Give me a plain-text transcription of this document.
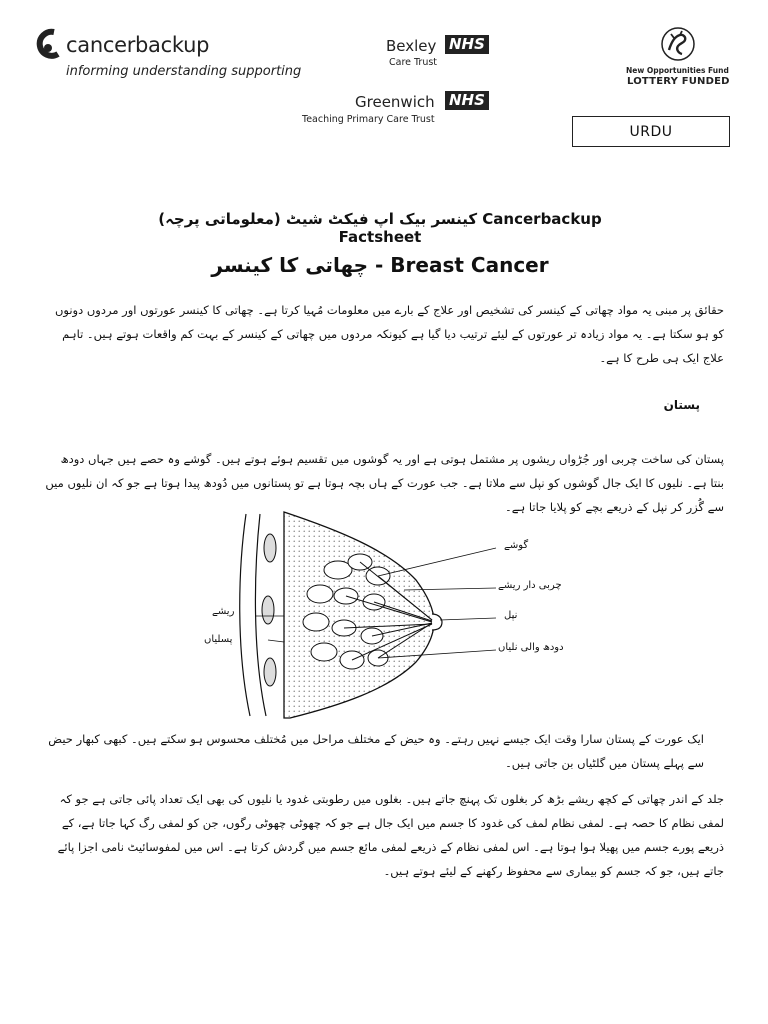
cancerbackup
informing understanding supporting
Bexley NHS
Care Trust
Greenwich NHS
Teaching Primary Care Trust
New Opportunities Fund
LOTTERY FUNDED
URDU
کینسر بیک اپ فیکٹ شیٹ (معلوماتی پرچہ) Cancerbackup Factsheet
چھاتی کا کینسر - Breast Cancer
حقائق پر مبنی یہ مواد چھاتی کے کینسر کی تشخیص اور علاج کے بارے میں معلومات مُہیا کرتا ہے۔ چھاتی کا کینسر عورتوں اور مردوں دونوں کو ہو سکتا ہے۔ یہ مواد زیادہ تر عورتوں کے لیئے ترتیب دیا گیا ہے کیونکہ مردوں میں چھاتی کے کینسر کے بہت کم واقعات ہوتے ہیں۔ تاہم علاج ایک ہی طرح کا ہے۔
پستان
پستان کی ساخت چربی اور جُڑواں ریشوں پر مشتمل ہوتی ہے اور یہ گوشوں میں تقسیم ہوئے ہوتے ہیں۔ گوشے وہ حصے ہیں جہاں دودھ بنتا ہے۔ نلیوں کا ایک جال گوشوں کو نپل سے ملاتا ہے۔ جب عورت کے ہاں بچہ ہوتا ہے تو پستانوں میں دُودھ پیدا ہوتا ہے جو کہ ان نلیوں میں سے گُزر کر نپل کے ذریعے بچے کو پلایا جاتا ہے۔
گوشے
چربی دار ریشے
نپل
دودھ والی نلیاں
ریشے
پسلیاں
ایک عورت کے پستان سارا وقت ایک جیسے نہیں رہتے۔ وہ حیض کے مختلف مراحل میں مُختلف محسوس ہو سکتے ہیں۔ کبھی کبھار حیض سے پہلے پستان میں گلٹیاں بن جاتی ہیں۔
جلد کے اندر چھاتی کے کچھ ریشے بڑھ کر بغلوں تک پہنچ جاتے ہیں۔ بغلوں میں رطوبتی غدود یا نلیوں کی بھی ایک تعداد پائی جاتی ہے جو کہ لمفی نظام کا حصہ ہے۔ لمفی نظام لمف کی غدود کا جسم میں ایک جال ہے جو کہ چھوٹی چھوٹی رگوں، جن کو لمفی رگ کہا جاتا ہے، کے ذریعے پورے جسم میں پھیلا ہوا ہوتا ہے۔ اس لمفی نظام کے ذریعے لمفی مائع جسم میں گردش کرتا ہے۔ اس میں لمفوسائیٹ نامی اجزا پائے جاتے ہیں، جو کہ جسم کو بیماری سے محفوظ رکھنے کے لیئے ہوتے ہیں۔
